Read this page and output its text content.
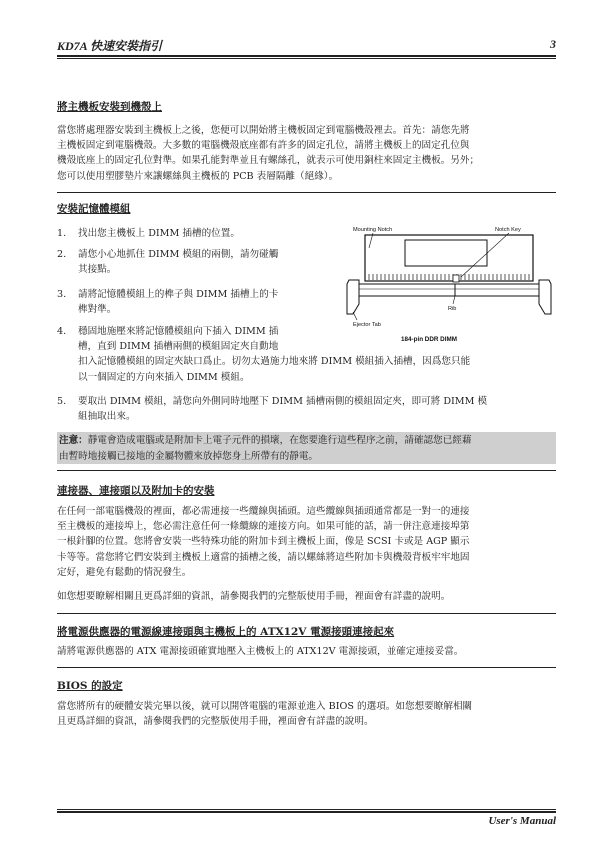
KD7A 快速安裝指引	3
將主機板安裝到機殼上
當您將處理器安裝到主機板上之後，您便可以開始將主機板固定到電腦機殼裡去。首先：請您先將
主機板固定到電腦機殼。大多數的電腦機殼底座都有許多的固定孔位，請將主機板上的固定孔位與
機殼底座上的固定孔位對準。如果孔能對準並且有螺絲孔，就表示可使用銅柱來固定主機板。另外；
您可以使用塑膠墊片來讓螺絲與主機板的 PCB 表層隔離（絕緣）。
安裝記憶體模組
1. 找出您主機板上 DIMM 插槽的位置。
2. 請您小心地抓住 DIMM 模組的兩側，請勿碰觸
其接點。
3. 請將記憶體模組上的榫子與 DIMM 插槽上的卡
榫對準。
4. 穩固地施壓來將記憶體模組向下插入 DIMM 插
槽，直到 DIMM 插槽兩側的模組固定夾自動地
扣入記憶體模組的固定夾缺口爲止。切勿太過施力地來將 DIMM 模組插入插槽，因爲您只能
以一個固定的方向來插入 DIMM 模組。
5. 要取出 DIMM 模組，請您向外側同時地壓下 DIMM 插槽兩側的模組固定夾，即可將 DIMM 模
組抽取出來。
Mounting Notch	Notch Key
Rib
Ejector Tab
184-pin DDR DIMM
注意：靜電會造成電腦或是附加卡上電子元件的損壞，在您要進行這些程序之前，請確認您已經藉
由暫時地接觸已接地的金屬物體來放掉您身上所帶有的靜電。
連接器、連接頭以及附加卡的安裝
在任何一部電腦機殼的裡面，都必需連接一些纜線與插頭。這些纜線與插頭通常都是一對一的連接
至主機板的連接埠上，您必需注意任何一條纜線的連接方向。如果可能的話，請一併注意連接埠第
一根針腳的位置。您將會安裝一些特殊功能的附加卡到主機板上面，像是 SCSI 卡或是 AGP 顯示
卡等等。當您將它們安裝到主機板上適當的插槽之後，請以螺絲將這些附加卡與機殼背板牢牢地固
定好，避免有鬆動的情況發生。
如您想要瞭解相關且更爲詳細的資訊，請參閱我們的完整版使用手冊，裡面會有詳盡的說明。
將電源供應器的電源線連接頭與主機板上的 ATX12V 電源接頭連接起來
請將電源供應器的 ATX 電源接頭確實地壓入主機板上的 ATX12V 電源接頭，並確定連接妥當。
BIOS 的設定
當您將所有的硬體安裝完畢以後，就可以開啓電腦的電源並進入 BIOS 的選項。如您想要瞭解相關
且更爲詳細的資訊，請參閱我們的完整版使用手冊，裡面會有詳盡的說明。
User's Manual
